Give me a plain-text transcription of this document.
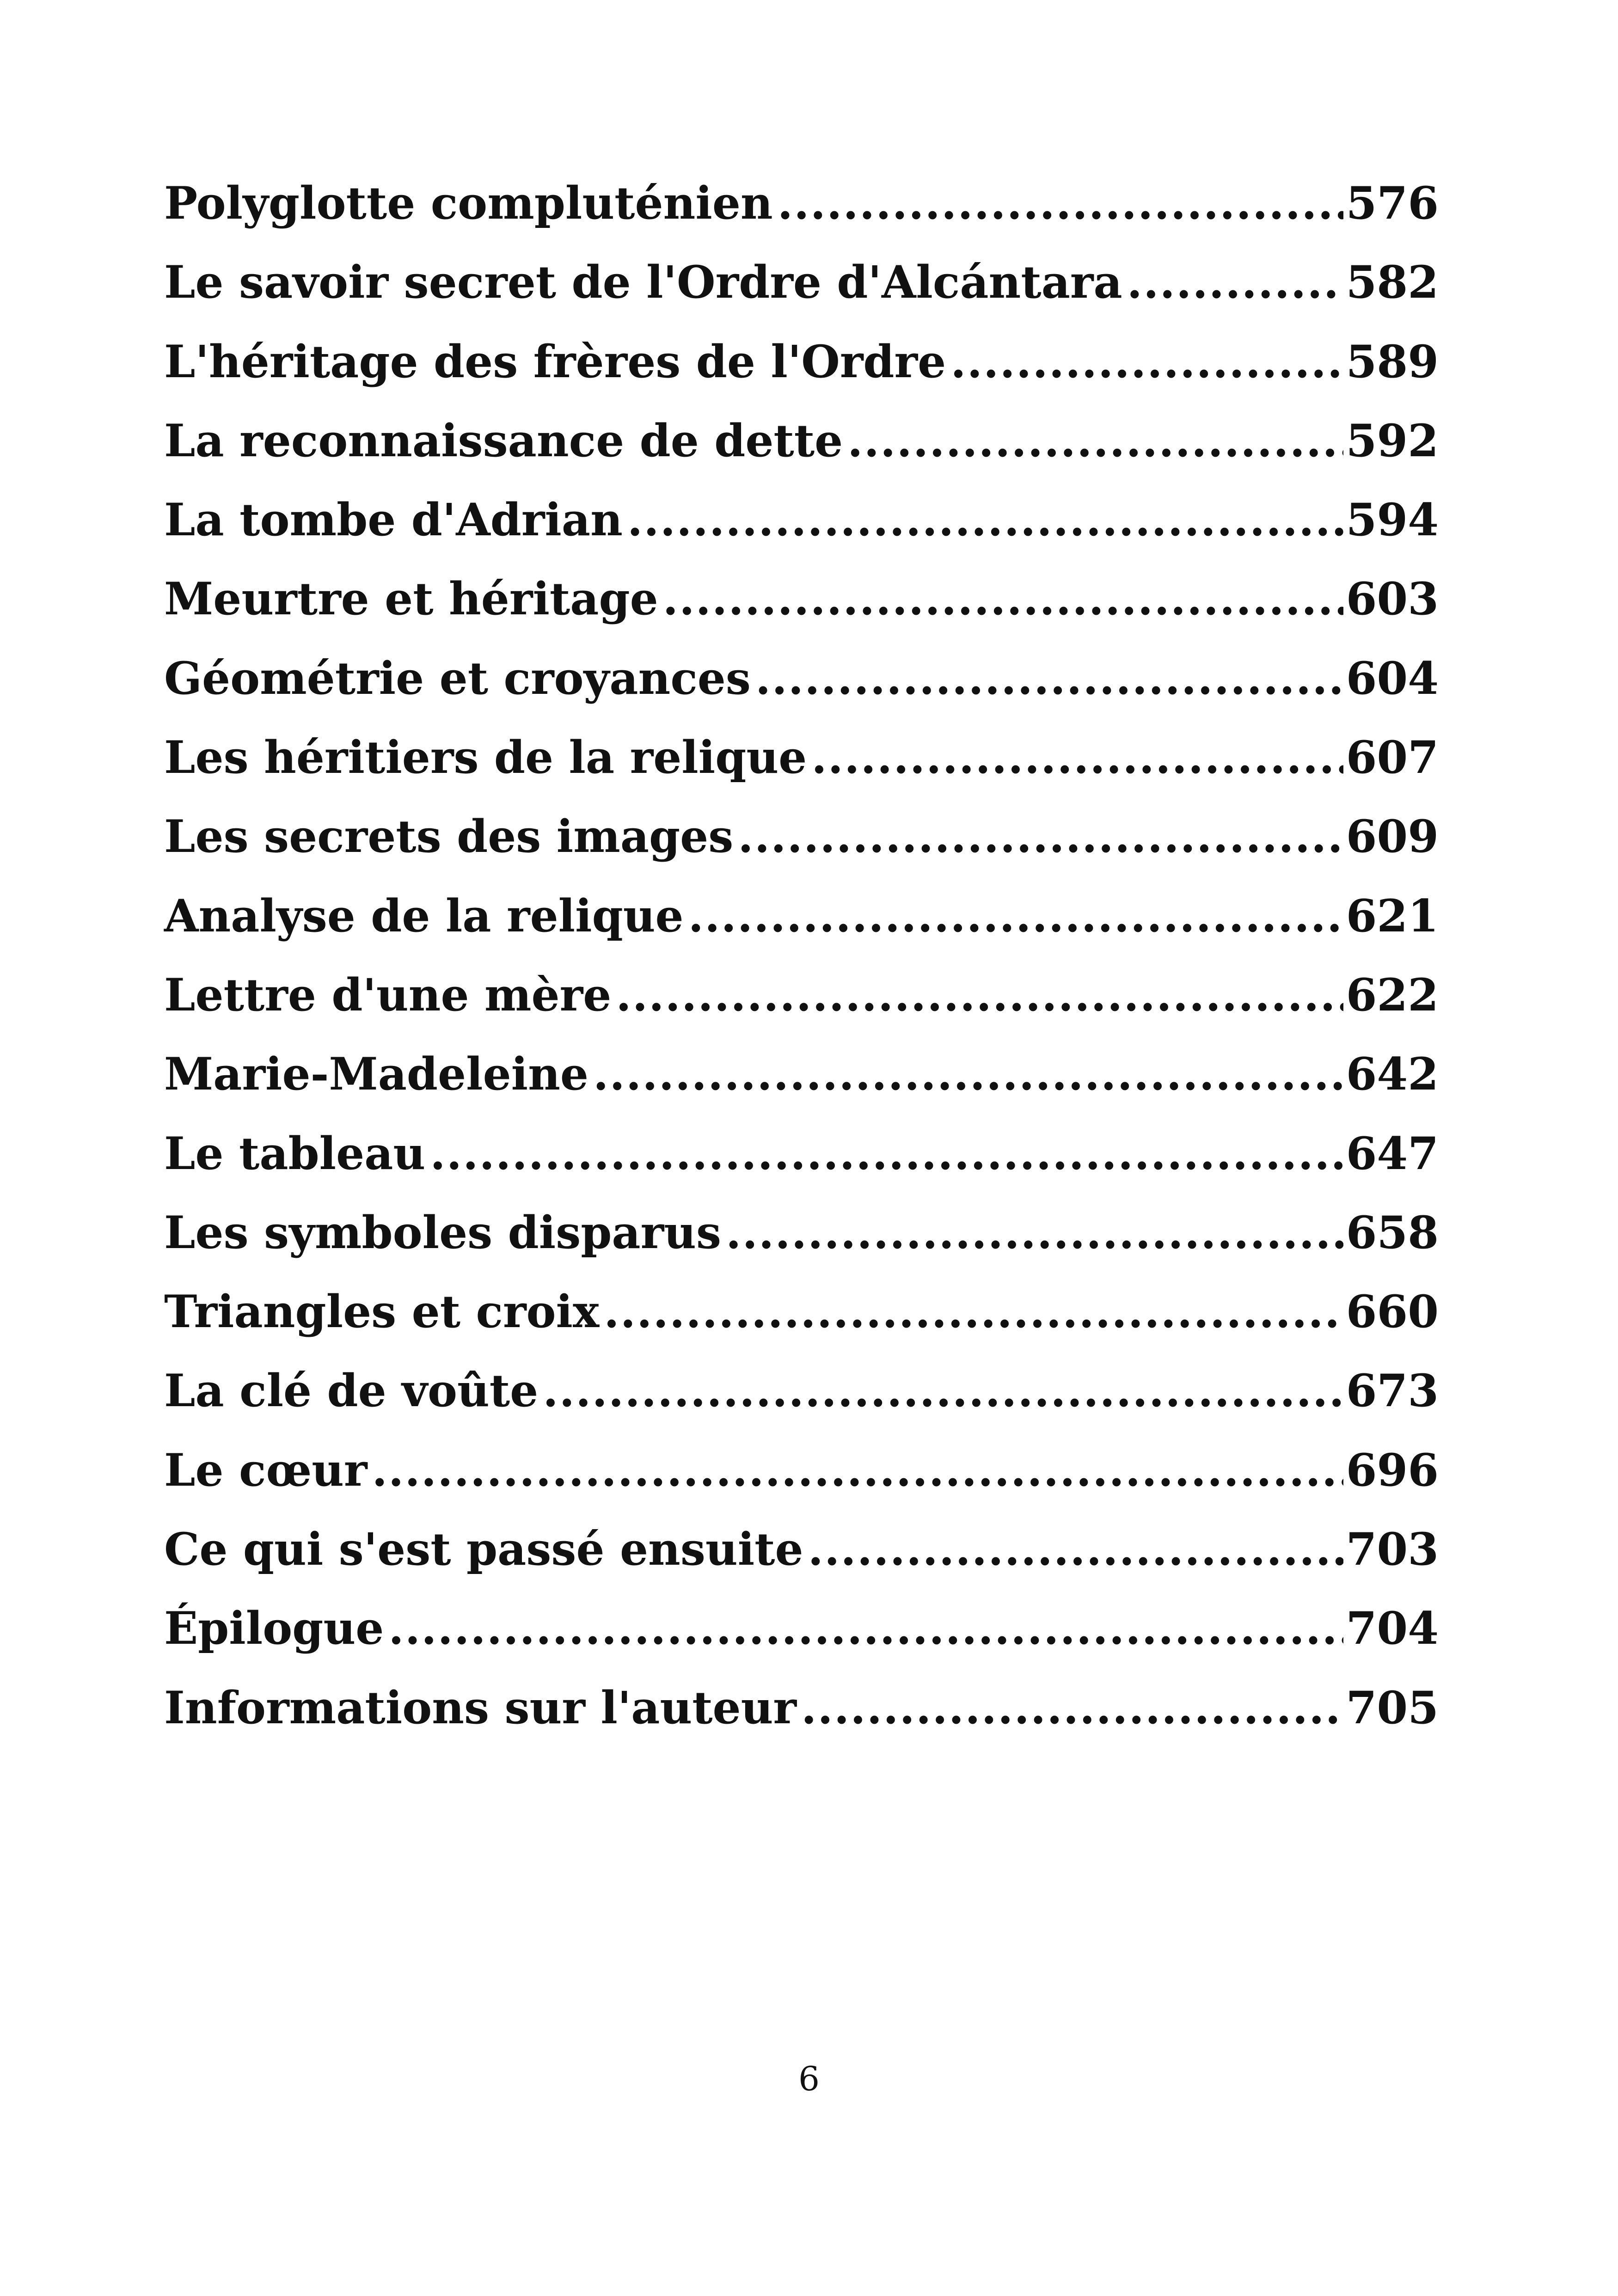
Polyglotte compluténien .....	576
Le savoir secret de l'Ordre d'Alcántara .....	582
L'héritage des frères de l'Ordre .....	589
La reconnaissance de dette .....	592
La tombe d'Adrian .....	594
Meurtre et héritage .....	603
Géométrie et croyances .....	604
Les héritiers de la relique .....	607
Les secrets des images .....	609
Analyse de la relique .....	621
Lettre d'une mère .....	622
Marie-Madeleine .....	642
Le tableau .....	647
Les symboles disparus .....	658
Triangles et croix .....	660
La clé de voûte .....	673
Le cœur .....	696
Ce qui s'est passé ensuite .....	703
Épilogue .....	704
Informations sur l'auteur .....	705
6
